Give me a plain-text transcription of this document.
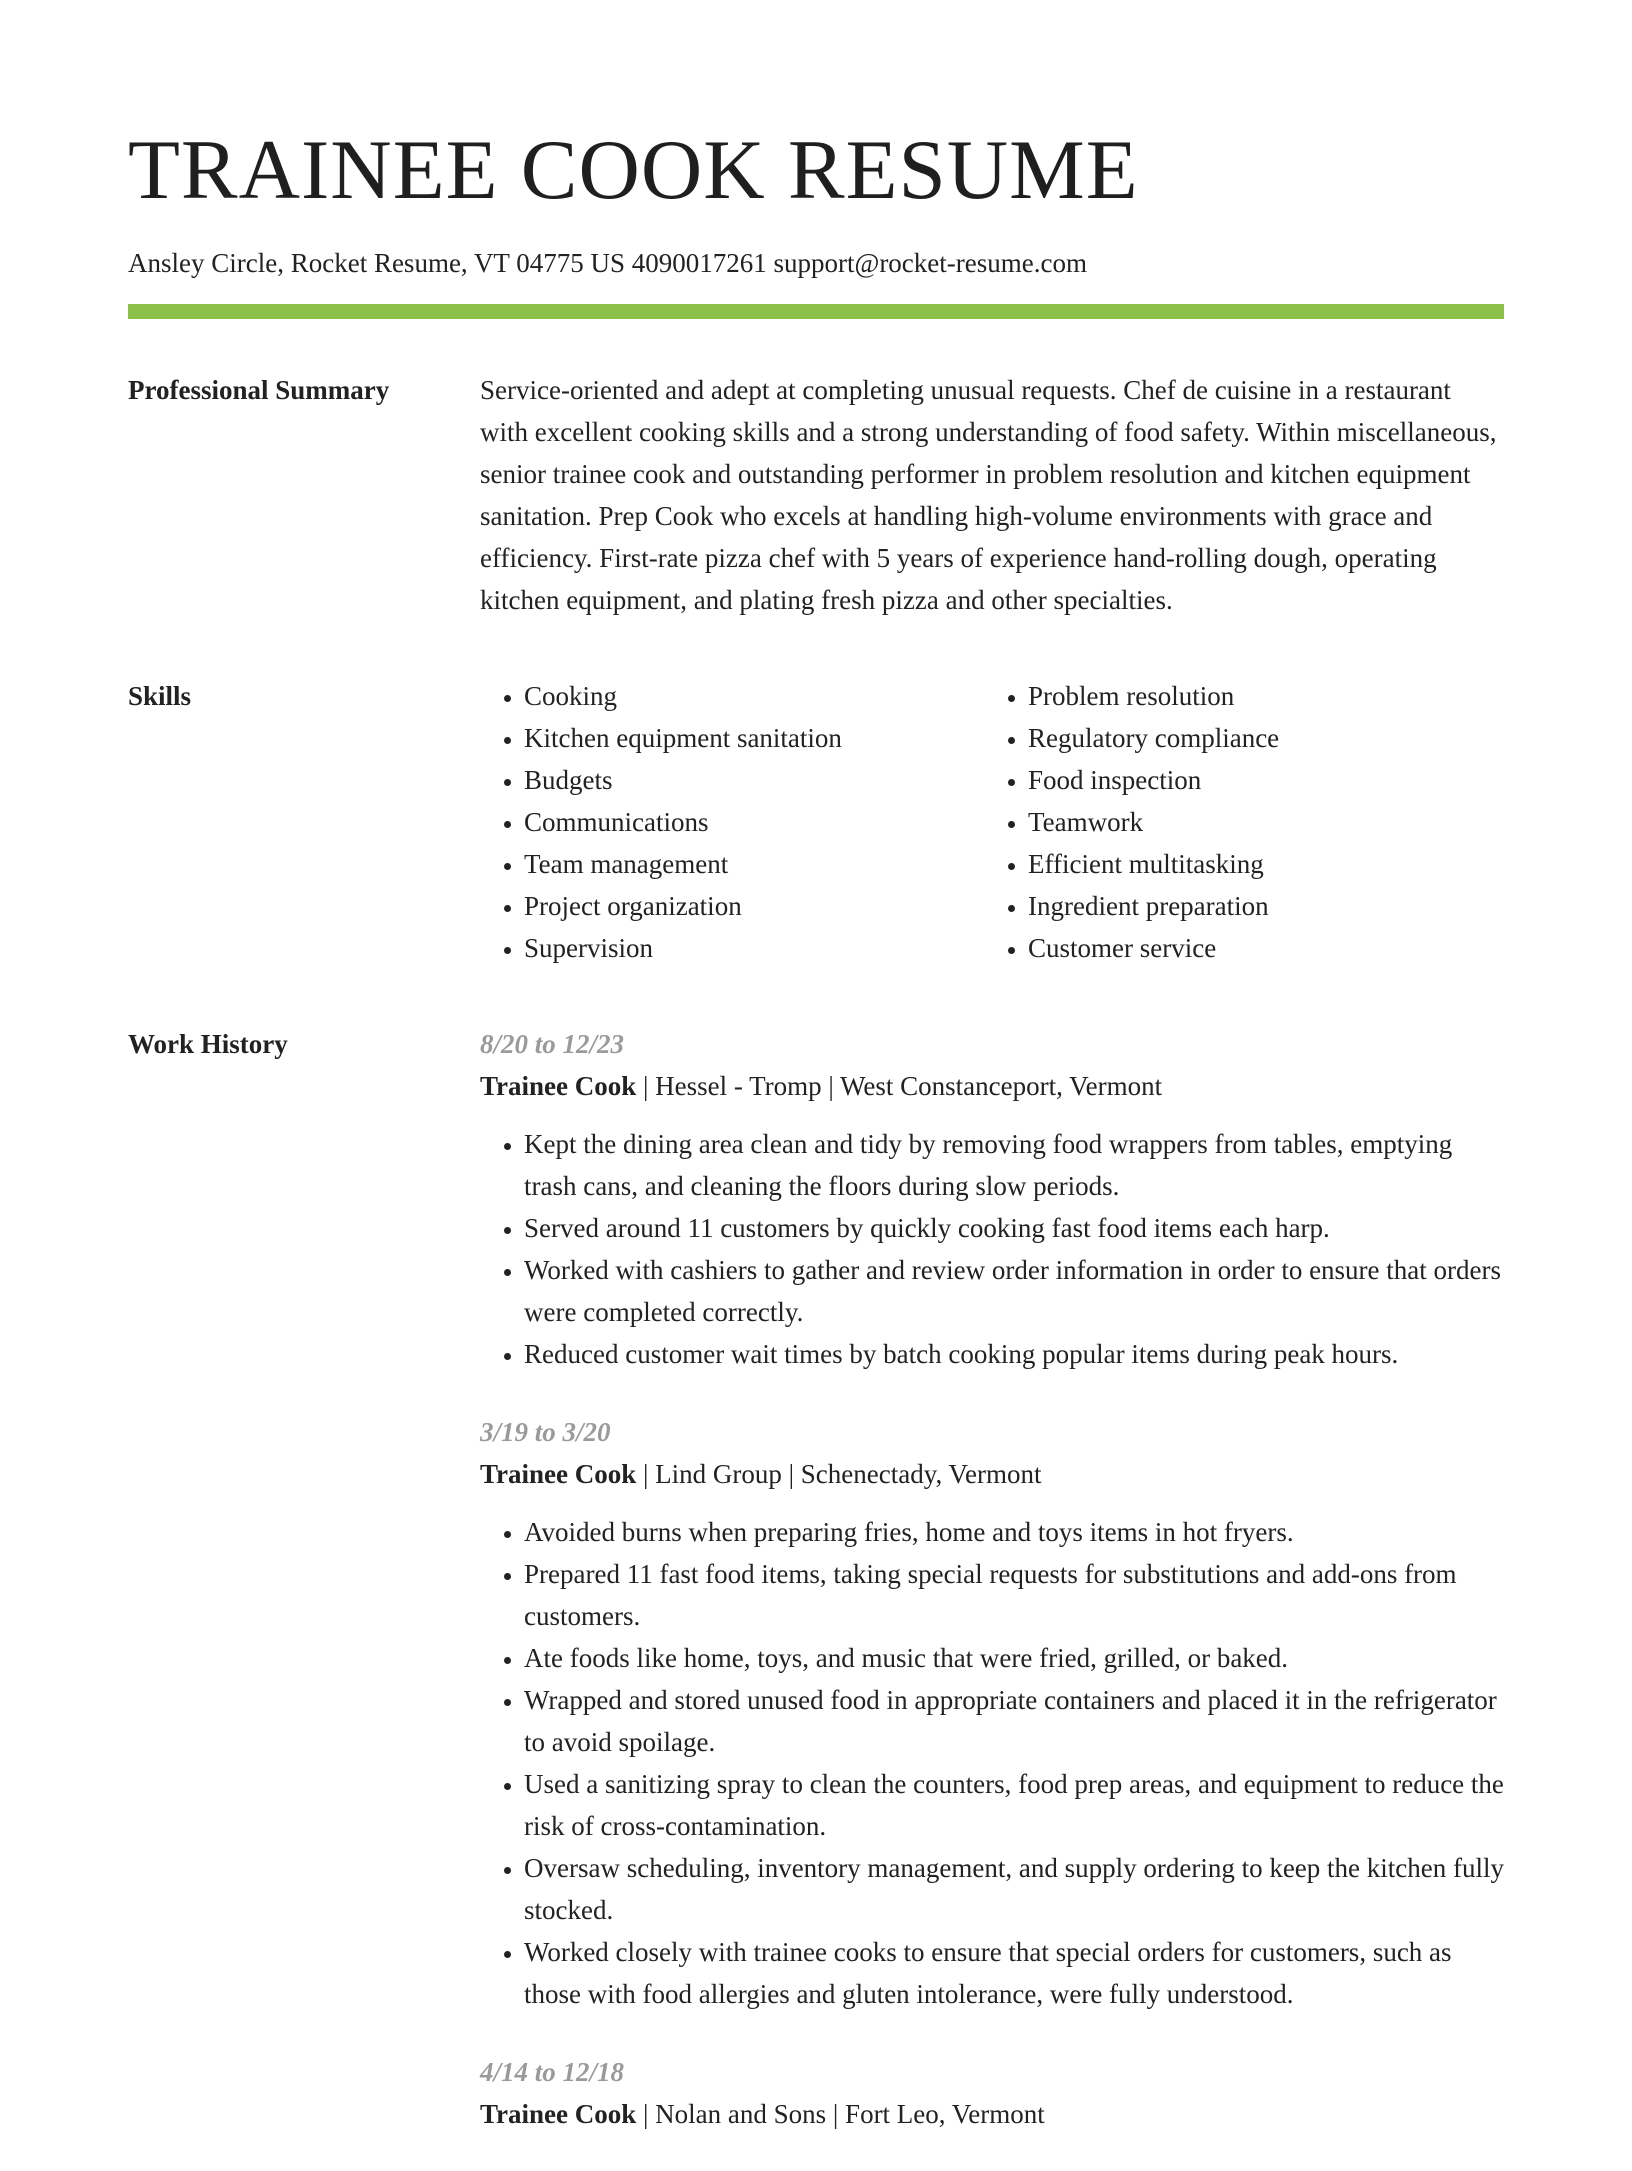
TRAINEE COOK RESUME
Ansley Circle, Rocket Resume, VT 04775 US 4090017261 support@rocket-resume.com
Professional Summary	Service-oriented and adept at completing unusual requests. Chef de cuisine in a restaurant with excellent cooking skills and a strong understanding of food safety. Within miscellaneous, senior trainee cook and outstanding performer in problem resolution and kitchen equipment sanitation. Prep Cook who excels at handling high-volume environments with grace and efficiency. First-rate pizza chef with 5 years of experience hand-rolling dough, operating kitchen equipment, and plating fresh pizza and other specialties.

Skills
•	Cooking
• Kitchen equipment sanitation
• Budgets
• Communications
• Team management
• Project organization
• Supervision
• Problem resolution
• Regulatory compliance
• Food inspection
• Teamwork
• Efficient multitasking
• Ingredient preparation
• Customer service
Work History	8/20 to 12/23
Trainee Cook | Hessel - Tromp | West Constanceport, Vermont
• Kept the dining area clean and tidy by removing food wrappers from tables, emptying trash cans, and cleaning the floors during slow periods.
• Served around 11 customers by quickly cooking fast food items each harp.
• Worked with cashiers to gather and review order information in order to ensure that orders were completed correctly.
• Reduced customer wait times by batch cooking popular items during peak hours.
3/19 to 3/20
Trainee Cook | Lind Group | Schenectady, Vermont
• Avoided burns when preparing fries, home and toys items in hot fryers.
• Prepared 11 fast food items, taking special requests for substitutions and add-ons from customers.
• Ate foods like home, toys, and music that were fried, grilled, or baked.
• Wrapped and stored unused food in appropriate containers and placed it in the refrigerator to avoid spoilage.
• Used a sanitizing spray to clean the counters, food prep areas, and equipment to reduce the risk of cross-contamination.
• Oversaw scheduling, inventory management, and supply ordering to keep the kitchen fully stocked.
• Worked closely with trainee cooks to ensure that special orders for customers, such as those with food allergies and gluten intolerance, were fully understood.
4/14 to 12/18
Trainee Cook | Nolan and Sons | Fort Leo, Vermont
